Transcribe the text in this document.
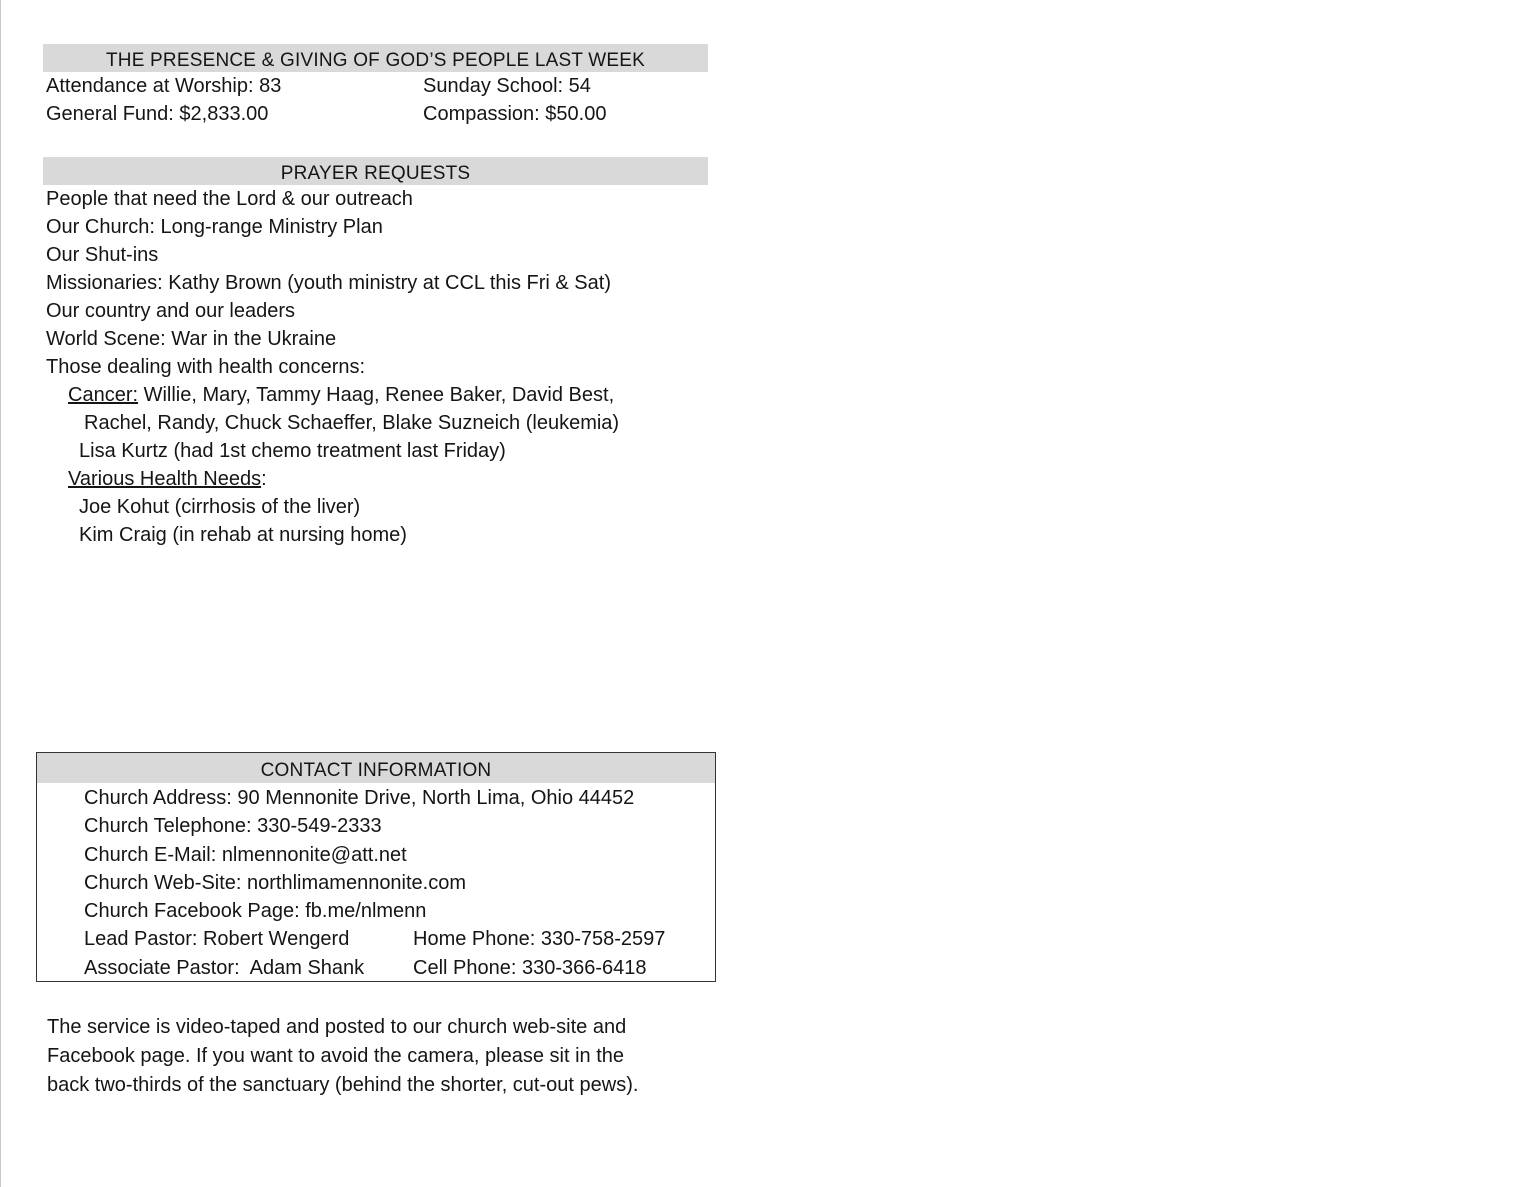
THE PRESENCE & GIVING OF GOD’S PEOPLE LAST WEEK
Attendance at Worship: 83	Sunday School: 54
General Fund: $2,833.00	Compassion: $50.00
PRAYER REQUESTS
People that need the Lord & our outreach
Our Church: Long-range Ministry Plan
Our Shut-ins
Missionaries: Kathy Brown (youth ministry at CCL this Fri & Sat)
Our country and our leaders
World Scene: War in the Ukraine
Those dealing with health concerns:
Cancer: Willie, Mary, Tammy Haag, Renee Baker, David Best,
Rachel, Randy, Chuck Schaeffer, Blake Suzneich (leukemia)
Lisa Kurtz (had 1st chemo treatment last Friday)
Various Health Needs:
Joe Kohut (cirrhosis of the liver)
Kim Craig (in rehab at nursing home)
CONTACT INFORMATION
Church Address: 90 Mennonite Drive, North Lima, Ohio 44452
Church Telephone: 330-549-2333
Church E-Mail: nlmennonite@att.net
Church Web-Site: northlimamennonite.com
Church Facebook Page: fb.me/nlmenn
Lead Pastor: Robert Wengerd	Home Phone: 330-758-2597
Associate Pastor:  Adam Shank Cell Phone: 330-366-6418
The service is video-taped and posted to our church web-site and
Facebook page. If you want to avoid the camera, please sit in the
back two-thirds of the sanctuary (behind the shorter, cut-out pews).
